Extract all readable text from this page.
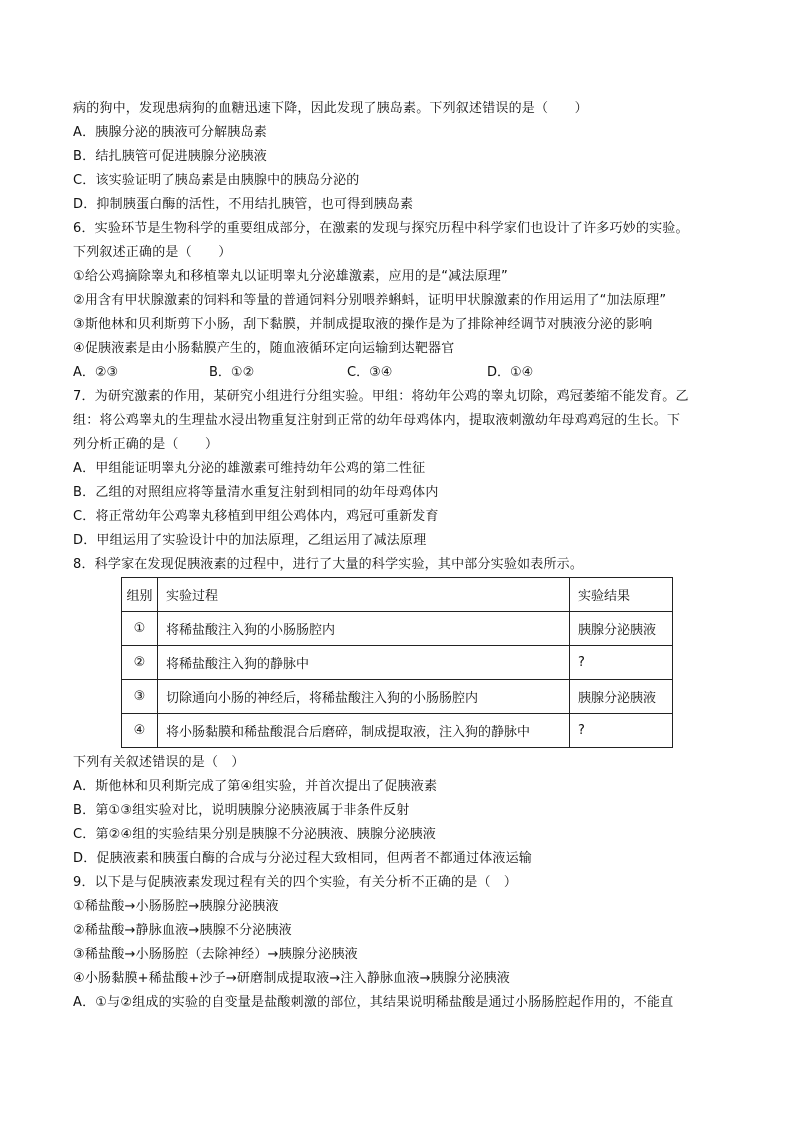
病的狗中，发现患病狗的血糖迅速下降，因此发现了胰岛素。下列叙述错误的是（　　）
A．胰腺分泌的胰液可分解胰岛素
B．结扎胰管可促进胰腺分泌胰液
C．该实验证明了胰岛素是由胰腺中的胰岛分泌的
D．抑制胰蛋白酶的活性，不用结扎胰管，也可得到胰岛素
6．实验环节是生物科学的重要组成部分，在激素的发现与探究历程中科学家们也设计了许多巧妙的实验。
下列叙述正确的是（　　）
①给公鸡摘除睾丸和移植睾丸以证明睾丸分泌雄激素，应用的是“减法原理”
②用含有甲状腺激素的饲料和等量的普通饲料分别喂养蝌蚪，证明甲状腺激素的作用运用了“加法原理”
③斯他林和贝利斯剪下小肠，刮下黏膜，并制成提取液的操作是为了排除神经调节对胰液分泌的影响
④促胰液素是由小肠黏膜产生的，随血液循环定向运输到达靶器官
A．②③	B．①②	C．③④	D．①④
7．为研究激素的作用，某研究小组进行分组实验。甲组：将幼年公鸡的睾丸切除，鸡冠萎缩不能发育。乙
组：将公鸡睾丸的生理盐水浸出物重复注射到正常的幼年母鸡体内，提取液刺激幼年母鸡鸡冠的生长。下
列分析正确的是（　　）
A．甲组能证明睾丸分泌的雄激素可维持幼年公鸡的第二性征
B．乙组的对照组应将等量清水重复注射到相同的幼年母鸡体内
C．将正常幼年公鸡睾丸移植到甲组公鸡体内，鸡冠可重新发育
D．甲组运用了实验设计中的加法原理，乙组运用了减法原理
8．科学家在发现促胰液素的过程中，进行了大量的科学实验，其中部分实验如表所示。
组别	实验过程	实验结果
①	将稀盐酸注入狗的小肠肠腔内	胰腺分泌胰液
②	将稀盐酸注入狗的静脉中	?
③	切除通向小肠的神经后，将稀盐酸注入狗的小肠肠腔内	胰腺分泌胰液
④	将小肠黏膜和稀盐酸混合后磨碎，制成提取液，注入狗的静脉中	?
下列有关叙述错误的是（　）
A．斯他林和贝利斯完成了第④组实验，并首次提出了促胰液素
B．第①③组实验对比，说明胰腺分泌胰液属于非条件反射
C．第②④组的实验结果分别是胰腺不分泌胰液、胰腺分泌胰液
D．促胰液素和胰蛋白酶的合成与分泌过程大致相同，但两者不都通过体液运输
9．以下是与促胰液素发现过程有关的四个实验，有关分析不正确的是（　）
①稀盐酸→小肠肠腔→胰腺分泌胰液
②稀盐酸→静脉血液→胰腺不分泌胰液
③稀盐酸→小肠肠腔（去除神经）→胰腺分泌胰液
④小肠黏膜+稀盐酸+沙子→研磨制成提取液→注入静脉血液→胰腺分泌胰液
A．①与②组成的实验的自变量是盐酸刺激的部位，其结果说明稀盐酸是通过小肠肠腔起作用的，不能直
